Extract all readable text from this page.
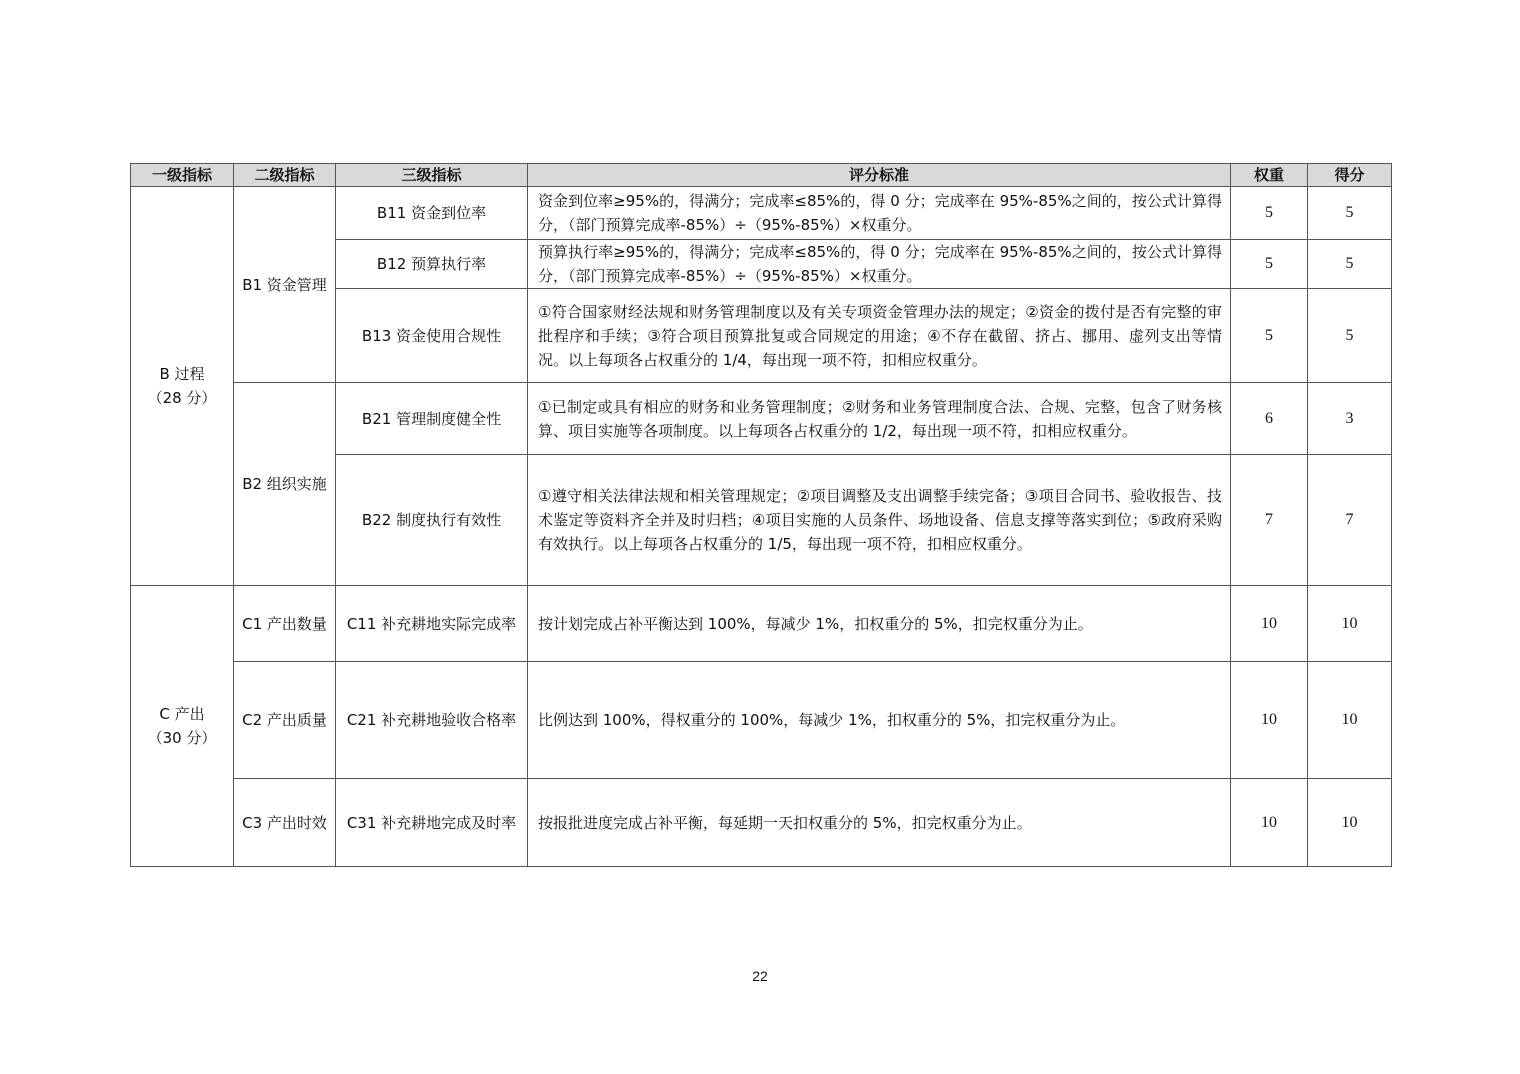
一级指标	二级指标	三级指标	评分标准	权重	得分
B 过程
（28 分）	B1 资金管理	B11 资金到位率	资金到位率≥95%的，得满分；完成率≤85%的，得 0 分；完成率在 95%-85%之间的，按公式计算得分，（部门预算完成率-85%）÷（95%-85%）×权重分。	5	5
		B12 预算执行率	预算执行率≥95%的，得满分；完成率≤85%的，得 0 分；完成率在 95%-85%之间的，按公式计算得分，（部门预算完成率-85%）÷（95%-85%）×权重分。	5	5
		B13 资金使用合规性	①符合国家财经法规和财务管理制度以及有关专项资金管理办法的规定；②资金的拨付是否有完整的审批程序和手续；③符合项目预算批复或合同规定的用途；④不存在截留、挤占、挪用、虚列支出等情况。以上每项各占权重分的 1/4，每出现一项不符，扣相应权重分。	5	5
	B2 组织实施	B21 管理制度健全性	①已制定或具有相应的财务和业务管理制度；②财务和业务管理制度合法、合规、完整，包含了财务核算、项目实施等各项制度。以上每项各占权重分的 1/2，每出现一项不符，扣相应权重分。	6	3
		B22 制度执行有效性	①遵守相关法律法规和相关管理规定；②项目调整及支出调整手续完备；③项目合同书、验收报告、技术鉴定等资料齐全并及时归档；④项目实施的人员条件、场地设备、信息支撑等落实到位；⑤政府采购有效执行。以上每项各占权重分的 1/5，每出现一项不符，扣相应权重分。	7	7
C 产出
（30 分）	C1 产出数量	C11 补充耕地实际完成率	按计划完成占补平衡达到 100%，每减少 1%，扣权重分的 5%，扣完权重分为止。	10	10
	C2 产出质量	C21 补充耕地验收合格率	比例达到 100%，得权重分的 100%，每减少 1%，扣权重分的 5%，扣完权重分为止。	10	10
	C3 产出时效	C31 补充耕地完成及时率	按报批进度完成占补平衡，每延期一天扣权重分的 5%，扣完权重分为止。	10	10
22
